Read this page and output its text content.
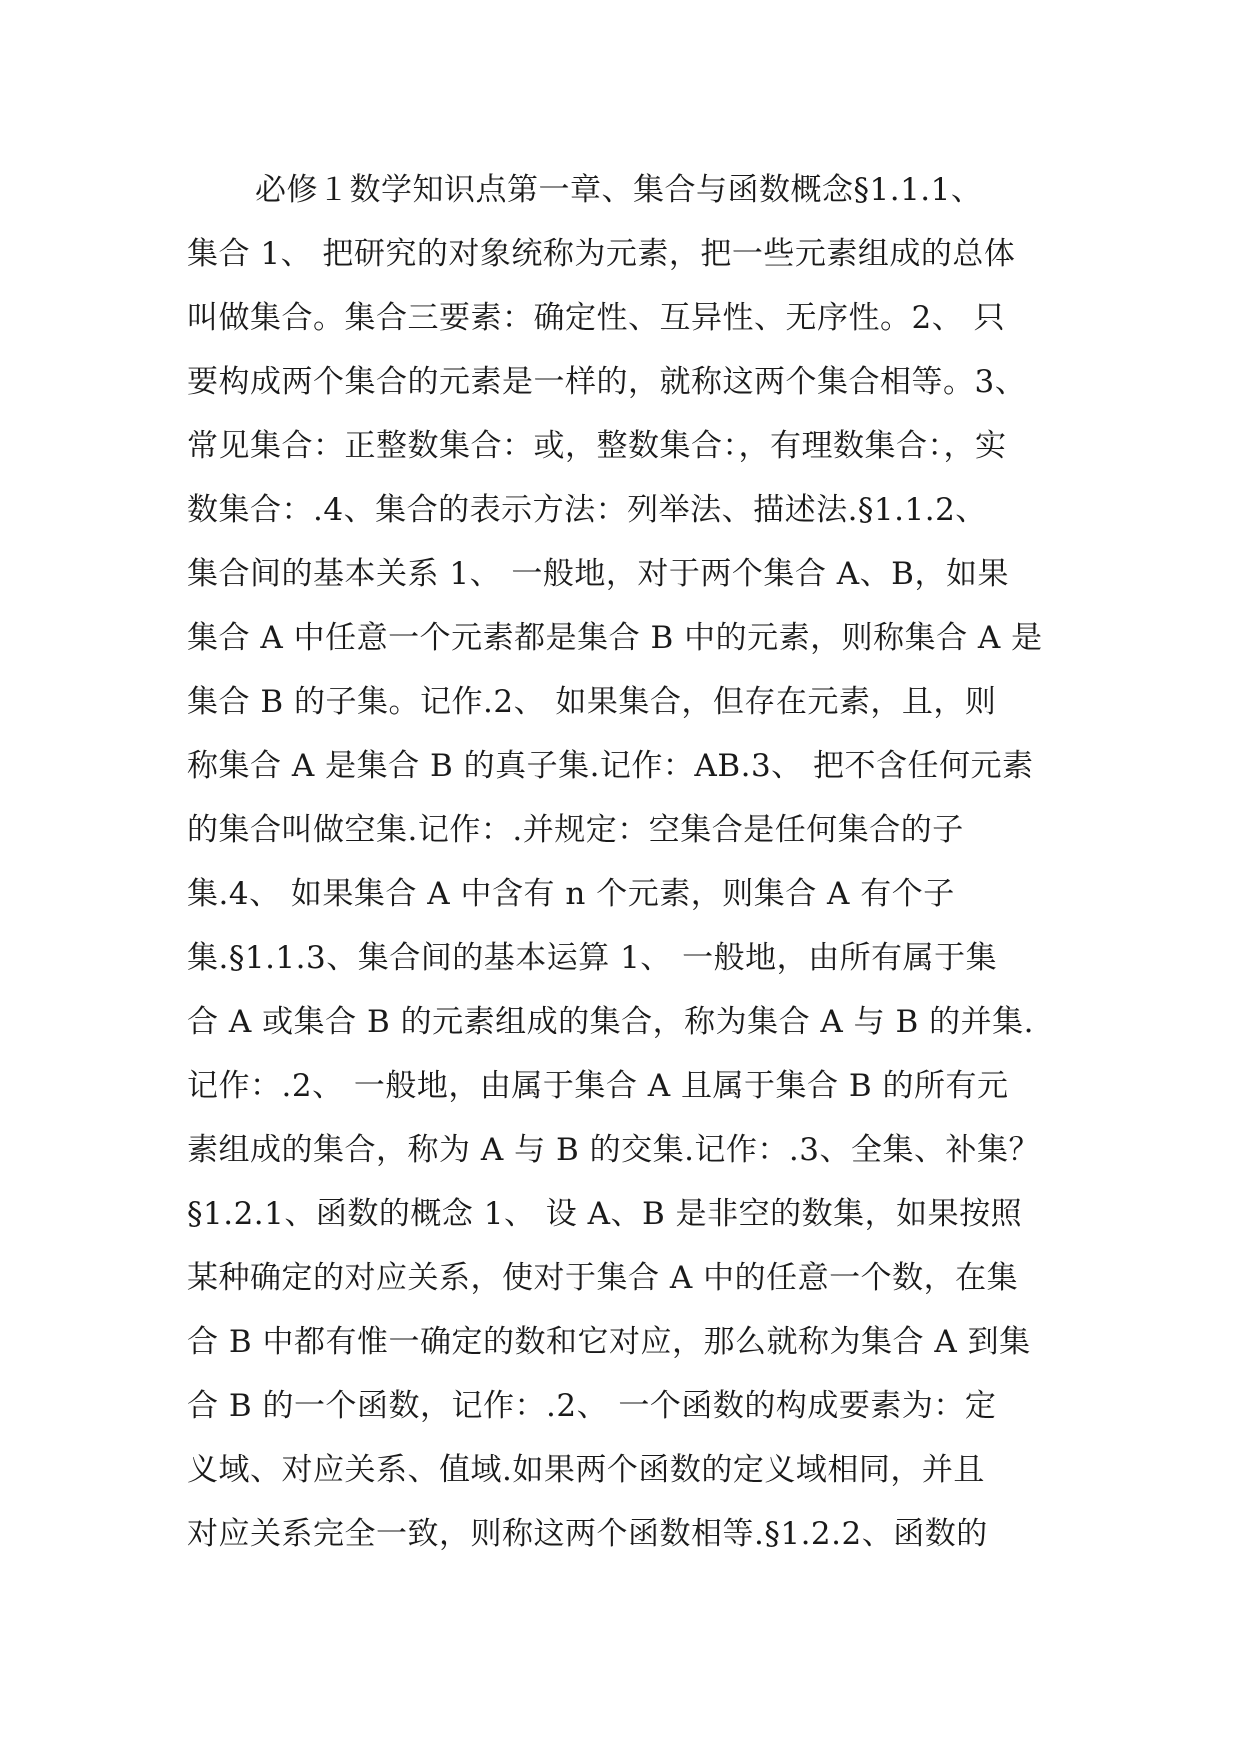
必修１数学知识点第一章、集合与函数概念§1.1.1、
集合 1、 把研究的对象统称为元素，把一些元素组成的总体
叫做集合。集合三要素：确定性、互异性、无序性。2、 只
要构成两个集合的元素是一样的，就称这两个集合相等。3、
常见集合：正整数集合：或，整数集合：，有理数集合：，实
数集合：.4、集合的表示方法：列举法、描述法.§1.1.2、
集合间的基本关系 1、 一般地，对于两个集合 A、B，如果
集合 A 中任意一个元素都是集合 B 中的元素，则称集合 A 是
集合 B 的子集。记作.2、 如果集合，但存在元素，且，则
称集合 A 是集合 B 的真子集.记作：AB.3、 把不含任何元素
的集合叫做空集.记作：.并规定：空集合是任何集合的子
集.4、 如果集合 A 中含有 n 个元素，则集合 A 有个子
集.§1.1.3、集合间的基本运算 1、 一般地，由所有属于集
合 A 或集合 B 的元素组成的集合，称为集合 A 与 B 的并集.
记作：.2、 一般地，由属于集合 A 且属于集合 B 的所有元
素组成的集合，称为 A 与 B 的交集.记作：.3、全集、补集？
§1.2.1、函数的概念 1、 设 A、B 是非空的数集，如果按照
某种确定的对应关系，使对于集合 A 中的任意一个数，在集
合 B 中都有惟一确定的数和它对应，那么就称为集合 A 到集
合 B 的一个函数，记作：.2、 一个函数的构成要素为：定
义域、对应关系、值域.如果两个函数的定义域相同，并且
对应关系完全一致，则称这两个函数相等.§1.2.2、函数的
